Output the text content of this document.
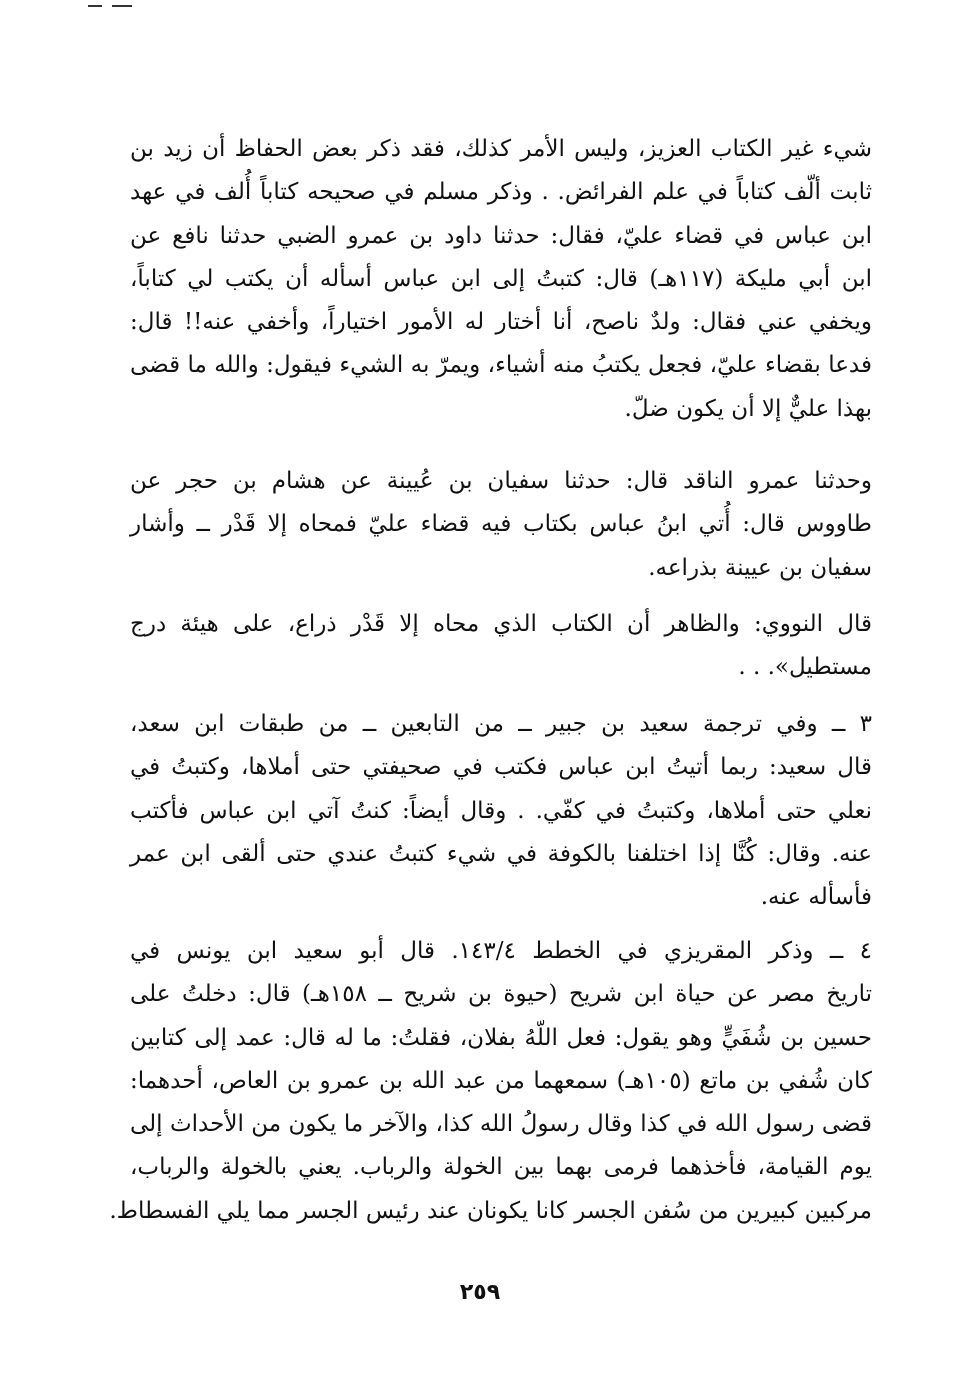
شيء غير الكتاب العزيز، وليس الأمر كذلك، فقد ذكر بعض الحفاظ أن زيد بن
ثابت ألّف كتاباً في علم الفرائض. . وذكر مسلم في صحيحه كتاباً أُلف في عهد
ابن عباس في قضاء عليّ، فقال: حدثنا داود بن عمرو الضبي حدثنا نافع عن
ابن أبي مليكة (١١٧هـ) قال: كتبتُ إلى ابن عباس أسأله أن يكتب لي كتاباً،
ويخفي عني فقال: ولدٌ ناصح، أنا أختار له الأمور اختياراً، وأخفي عنه!! قال:
فدعا بقضاء عليّ، فجعل يكتبُ منه أشياء، ويمرّ به الشيء فيقول: والله ما قضى
بهذا عليٌّ إلا أن يكون ضلّ.
وحدثنا عمرو الناقد قال: حدثنا سفيان بن عُيينة عن هشام بن حجر عن
طاووس قال: أُتي ابنُ عباس بكتاب فيه قضاء عليّ فمحاه إلا قَدْر ــ وأشار
سفيان بن عيينة بذراعه.
قال النووي: والظاهر أن الكتاب الذي محاه إلا قَدْر ذراع، على هيئة درج
مستطيل». . .
٣ ــ وفي ترجمة سعيد بن جبير ــ من التابعين ــ من طبقات ابن سعد،
قال سعيد: ربما أتيتُ ابن عباس فكتب في صحيفتي حتى أملاها، وكتبتُ في
نعلي حتى أملاها، وكتبتُ في كفّي. . وقال أيضاً: كنتُ آتي ابن عباس فأكتب
عنه. وقال: كُنَّا إذا اختلفنا بالكوفة في شيء كتبتُ عندي حتى ألقى ابن عمر
فأسأله عنه.
٤ ــ وذكر المقريزي في الخطط ١٤٣/٤. قال أبو سعيد ابن يونس في
تاريخ مصر عن حياة ابن شريح (حيوة بن شريح ــ ١٥٨هـ) قال: دخلتُ على
حسين بن شُفَيٍّ وهو يقول: فعل اللّهُ بفلان، فقلتُ: ما له قال: عمد إلى كتابين
كان شُفي بن ماتع (١٠٥هـ) سمعهما من عبد الله بن عمرو بن العاص، أحدهما:
قضى رسول الله في كذا وقال رسولُ الله كذا، والآخر ما يكون من الأحداث إلى
يوم القيامة، فأخذهما فرمى بهما بين الخولة والرباب. يعني بالخولة والرباب،
مركبين كبيرين من سُفن الجسر كانا يكونان عند رئيس الجسر مما يلي الفسطاط.
٢٥٩
